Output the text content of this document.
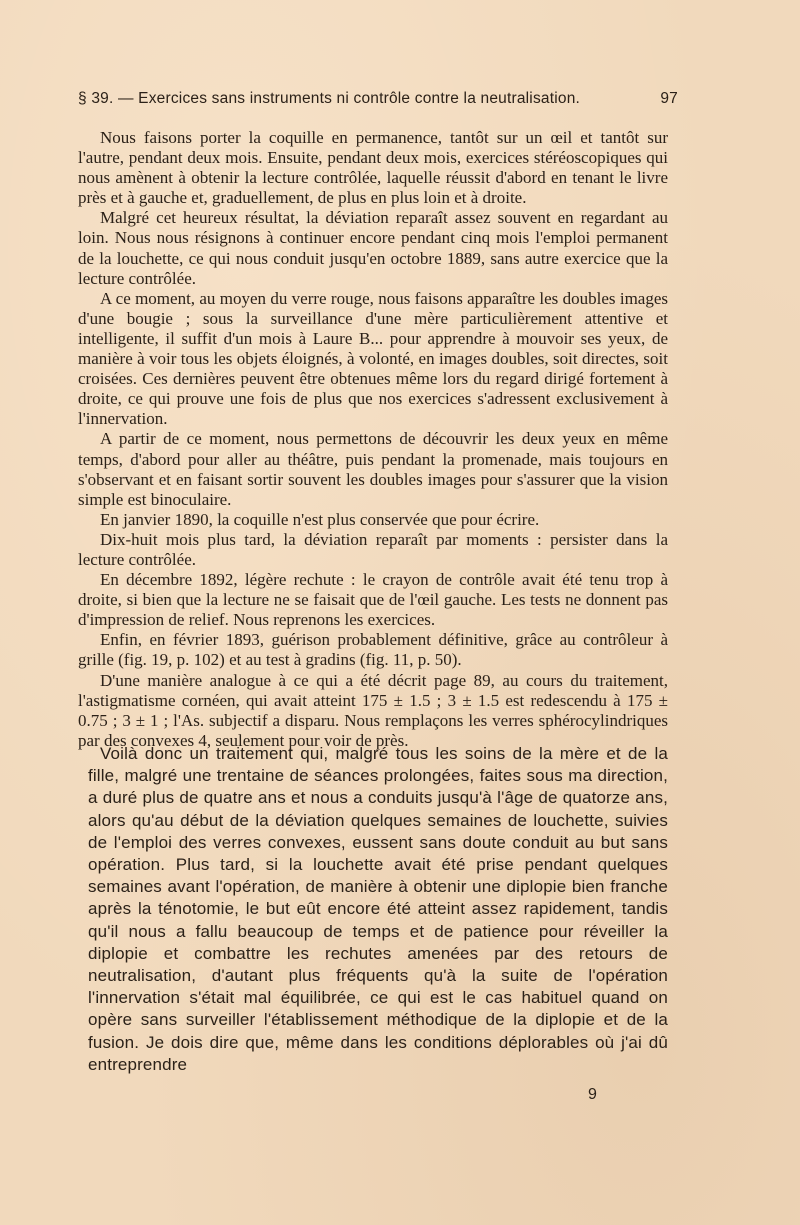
§ 39. — Exercices sans instruments ni contrôle contre la neutralisation.	97

Nous faisons porter la coquille en permanence, tantôt sur un œil et tantôt sur l'autre, pendant deux mois. Ensuite, pendant deux mois, exercices stéréoscopiques qui nous amènent à obtenir la lecture contrôlée, laquelle réussit d'abord en tenant le livre près et à gauche et, graduellement, de plus en plus loin et à droite.

Malgré cet heureux résultat, la déviation reparaît assez souvent en regardant au loin. Nous nous résignons à continuer encore pendant cinq mois l'emploi permanent de la louchette, ce qui nous conduit jusqu'en octobre 1889, sans autre exercice que la lecture contrôlée.

A ce moment, au moyen du verre rouge, nous faisons apparaître les doubles images d'une bougie ; sous la surveillance d'une mère particulièrement attentive et intelligente, il suffit d'un mois à Laure B... pour apprendre à mouvoir ses yeux, de manière à voir tous les objets éloignés, à volonté, en images doubles, soit directes, soit croisées. Ces dernières peuvent être obtenues même lors du regard dirigé fortement à droite, ce qui prouve une fois de plus que nos exercices s'adressent exclusivement à l'innervation.

A partir de ce moment, nous permettons de découvrir les deux yeux en même temps, d'abord pour aller au théâtre, puis pendant la promenade, mais toujours en s'observant et en faisant sortir souvent les doubles images pour s'assurer que la vision simple est binoculaire.

En janvier 1890, la coquille n'est plus conservée que pour écrire.

Dix-huit mois plus tard, la déviation reparaît par moments : persister dans la lecture contrôlée.

En décembre 1892, légère rechute : le crayon de contrôle avait été tenu trop à droite, si bien que la lecture ne se faisait que de l'œil gauche. Les tests ne donnent pas d'impression de relief. Nous reprenons les exercices.

Enfin, en février 1893, guérison probablement définitive, grâce au contrôleur à grille (fig. 19, p. 102) et au test à gradins (fig. 11, p. 50).

D'une manière analogue à ce qui a été décrit page 89, au cours du traitement, l'astigmatisme cornéen, qui avait atteint 175 ± 1.5 ; 3 ± 1.5 est redescendu à 175 ± 0.75 ; 3 ± 1 ; l'As. subjectif a disparu. Nous remplaçons les verres sphérocylindriques par des convexes 4, seulement pour voir de près.

Voilà donc un traitement qui, malgré tous les soins de la mère et de la fille, malgré une trentaine de séances prolongées, faites sous ma direction, a duré plus de quatre ans et nous a conduits jusqu'à l'âge de quatorze ans, alors qu'au début de la déviation quelques semaines de louchette, suivies de l'emploi des verres convexes, eussent sans doute conduit au but sans opération. Plus tard, si la louchette avait été prise pendant quelques semaines avant l'opération, de manière à obtenir une diplopie bien franche après la ténotomie, le but eût encore été atteint assez rapidement, tandis qu'il nous a fallu beaucoup de temps et de patience pour réveiller la diplopie et combattre les rechutes amenées par des retours de neutralisation, d'autant plus fréquents qu'à la suite de l'opération l'innervation s'était mal équilibrée, ce qui est le cas habituel quand on opère sans surveiller l'établissement méthodique de la diplopie et de la fusion. Je dois dire que, même dans les conditions déplorables où j'ai dû entreprendre

9
